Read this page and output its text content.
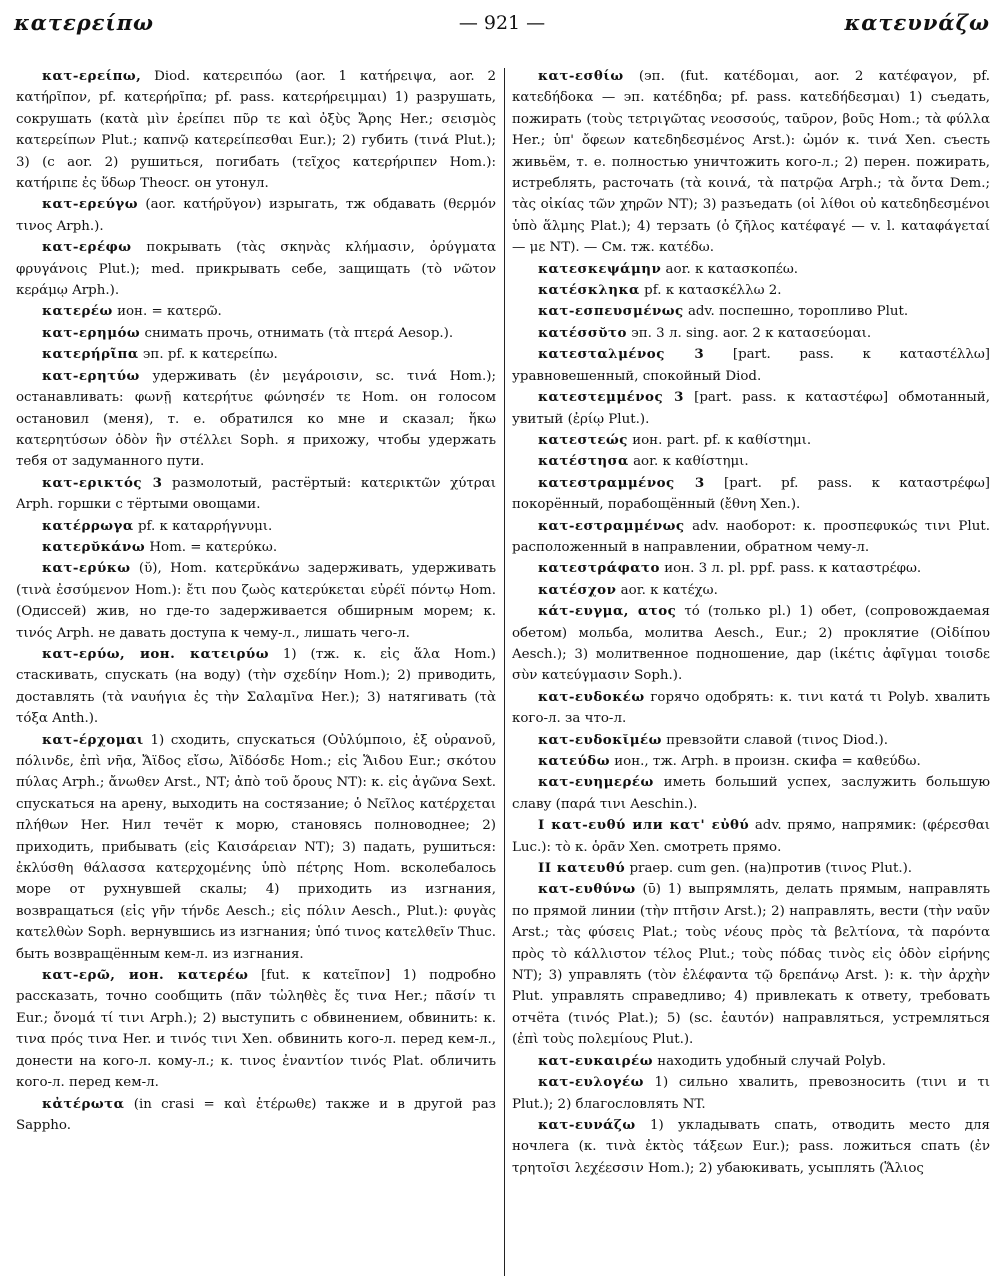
κατερείπω	— 921 —	κατευνάζω

κατ-ερείπω, Diod. κατερειπόω (aor. 1 κατήρειψα, aor. 2 κατήρῖπον, pf. κατερήρῖπα; pf. pass. κατερήρειμμαι) 1) разрушать, сокрушать (κατὰ μὶν ἐρείπει πῦρ τε καὶ ὀξὺς Ἄρης Her.; σεισμὸς κατερείπων Plut.; καπνῷ κατερείπεσθαι Eur.); 2) губить (τινά Plut.); 3) (с aor. 2) рушиться, погибать (τεῖχος κατερήριπεν Hom.): κατήριπε ἐς ὕδωρ Theocr. он утонул.

κατ-ερεύγω (aor. κατήρῠγον) изрыгать, тж обдавать (θερμόν τινος Arph.).

κατ-ερέφω покрывать (τὰς σκηνὰς κλήμασιν, ὀρύγματα φρυγάνοις Plut.); med. прикрывать себе, защищать (τὸ νῶτον κεράμῳ Arph.).

κατερέω ион. = κατερῶ.

κατ-ερημόω снимать прочь, отнимать (τὰ πτερά Aesop.).

κατερήρῖπα эп. pf. к κατερείπω.

κατ-ερητύω удерживать (ἐν μεγάροισιν, sc. τινά Hom.); останавливать: φωνῇ κατερήτυε φώνησέν τε Hom. он голосом остановил (меня), т. е. обратился ко мне и сказал; ἥκω κατερητύσων ὁδὸν ἣν στέλλει Soph. я прихожу, чтобы удержать тебя от задуманного пути.

κατ-ερικτός 3 размолотый, растёртый: κατερικτῶν χύτραι Arph. горшки с тёртыми овощами.

κατέρρωγα pf. к καταρρήγνυμι.

κατερῠκάνω Hom. = κατερύκω.

κατ-ερύκω (ῠ), Hom. κατερῠκάνω задерживать, удерживать (τινὰ ἐσσύμενον Hom.): ἔτι που ζωὸς κατερύκεται εὐρέϊ πόντῳ Hom. (Одиссей) жив, но где-то задерживается обширным морем; κ. τινός Arph. не давать доступа к чему-л., лишать чего-л.

κατ-ερύω, ион. κατειρύω 1) (тж. κ. εἰς ἅλα Hom.) стаскивать, спускать (на воду) (τὴν σχεδίην Hom.); 2) приводить, доставлять (τὰ ναυήγια ἐς τὴν Σαλαμῖνα Her.); 3) натягивать (τὰ τόξα Anth.).

κατ-έρχομαι 1) сходить, спускаться (Οὐλύμποιο, ἐξ οὐρανοῦ, πόλινδε, ἐπὶ νῆα, Ἄϊδος εἴσω, Ἀϊδόσδε Hom.; εἰς Ἅιδου Eur.; σκότου πύλας Arph.; ἄνωθεν Arst., NT; ἀπὸ τοῦ ὄρους NT): κ. εἰς ἀγῶνα Sext. спускаться на арену, выходить на состязание; ὁ Νεῖλος κατέρχεται πλήθων Her. Нил течёт к морю, становясь полноводнее; 2) приходить, прибывать (εἰς Καισάρειαν NT); 3) падать, рушиться: ἐκλύσθη θάλασσα κατερχομένης ὑπὸ πέτρης Hom. всколебалось море от рухнувшей скалы; 4) приходить из изгнания, возвращаться (εἰς γῆν τήνδε Aesch.; εἰς πόλιν Aesch., Plut.): φυγὰς κατελθὼν Soph. вернувшись из изгнания; ὑπό τινος κατελθεῖν Thuc. быть возвращённым кем-л. из изгнания.

κατ-ερῶ, ион. κατερέω [fut. к κατεῖπον] 1) подробно рассказать, точно сообщить (πᾶν τὠληθὲς ἔς τινα Her.; πᾶσίν τι Eur.; ὄνομά τί τινι Arph.); 2) выступить с обвинением, обвинить: κ. τινα πρός τινα Her. и τινός τινι Xen. обвинить кого-л. перед кем-л., донести на кого-л. кому-л.; κ. τινος ἐναντίον τινός Plat. обличить кого-л. перед кем-л.

κἀτέρωτα (in crasi = καὶ ἑτέρωθε) также и в другой раз Sappho.

κατ-εσθίω (эп. (fut. κατέδομαι, aor. 2 κατέφαγον, pf. κατεδήδοκα — эп. κατέδηδα; pf. pass. κατεδήδεσμαι) 1) съедать, пожирать (τοὺς τετριγῶτας νεοσσούς, ταῦρον, βοῦς Hom.; τὰ φύλλα Her.; ὑπ' ὄφεων κατεδηδεσμένος Arst.): ὠμόν κ. τινά Xen. съесть живьём, т. е. полностью уничтожить кого-л.; 2) перен. пожирать, истреблять, расточать (τὰ κοινά, τὰ πατρῷα Arph.; τὰ ὄντα Dem.; τὰς οἰκίας τῶν χηρῶν NT); 3) разъедать (οἱ λίθοι οὐ κατεδηδεσμένοι ὑπὸ ἅλμης Plat.); 4) терзать (ὁ ζῆλος κατέφαγέ — v. l. καταφάγεταί — με NT). — См. тж. κατέδω.

κατεσκεψάμην aor. к κατασκοπέω.

κατέσκληκα pf. к κατασκέλλω 2.

κατ-εσπευσμένως adv. поспешно, торопливо Plut.

κατέσσῠτο эп. 3 л. sing. aor. 2 к κατασεύομαι.

κατεσταλμένος 3 [part. pass. к καταστέλλω] уравновешенный, спокойный Diod.

κατεστεμμένος 3 [part. pass. к καταστέφω] обмотанный, увитый (ἐρίῳ Plut.).

κατεστεώς ион. part. pf. к καθίστημι.

κατέστησα aor. к καθίστημι.

κατεστραμμένος 3 [part. pf. pass. к καταστρέφω] покорённый, порабощённый (ἔθνη Xen.).

κατ-εστραμμένως adv. наоборот: κ. προσπεφυκώς τινι Plut. расположенный в направлении, обратном чему-л.

κατεστράφατο ион. 3 л. pl. ppf. pass. к καταστρέφω.

κατέσχον aor. к κατέχω.

κάτ-ευγμα, ατος τό (только pl.) 1) обет, (сопровождаемая обетом) мольба, молитва Aesch., Eur.; 2) проклятие (Οἰδίπου Aesch.); 3) молитвенное подношение, дар (ἱκέτις ἀφῖγμαι τοισδε σὺν κατεύγμασιν Soph.).

κατ-ευδοκέω горячо одобрять: κ. τινι κατά τι Polyb. хвалить кого-л. за что-л.

κατ-ευδοκῐμέω превзойти славой (τινος Diod.).

κατεύδω ион., тж. Arph. в произн. скифа = καθεύδω.

κατ-ευημερέω иметь больший успех, заслужить большую славу (παρά τινι Aeschin.).

I κατ-ευθύ или κατ' εὐθύ adv. прямо, напрямик: (φέρεσθαι Luc.): τὸ κ. ὁρᾶν Xen. смотреть прямо.

II κατευθύ praep. cum gen. (на)против (τινος Plut.).

κατ-ευθύνω (ῡ) 1) выпрямлять, делать прямым, направлять по прямой линии (τὴν πτῆσιν Arst.); 2) направлять, вести (τὴν ναῦν Arst.; τὰς φύσεις Plat.; τοὺς νέους πρὸς τὰ βελτίονα, τὰ παρόντα πρὸς τὸ κάλλιστον τέλος Plut.; τοὺς πόδας τινὸς εἰς ὁδὸν εἰρήνης NT); 3) управлять (τὸν ἐλέφαντα τῷ δρεπάνῳ Arst. ): κ. τὴν ἀρχὴν Plut. управлять справедливо; 4) привлекать к ответу, требовать отчёта (τινός Plat.); 5) (sc. ἑαυτόν) направляться, устремляться (ἐπὶ τοὺς πολεμίους Plut.).

κατ-ευκαιρέω находить удобный случай Polyb.

κατ-ευλογέω 1) сильно хвалить, превозносить (τινι и τι Plut.); 2) благословлять NT.

κατ-ευνάζω 1) укладывать спать, отводить место для ночлега (κ. τινὰ ἐκτὸς τάξεων Eur.); pass. ложиться спать (ἐν τρητοῖσι λεχέεσσιν Hom.); 2) убаюкивать, усыплять (Ἅλιος
